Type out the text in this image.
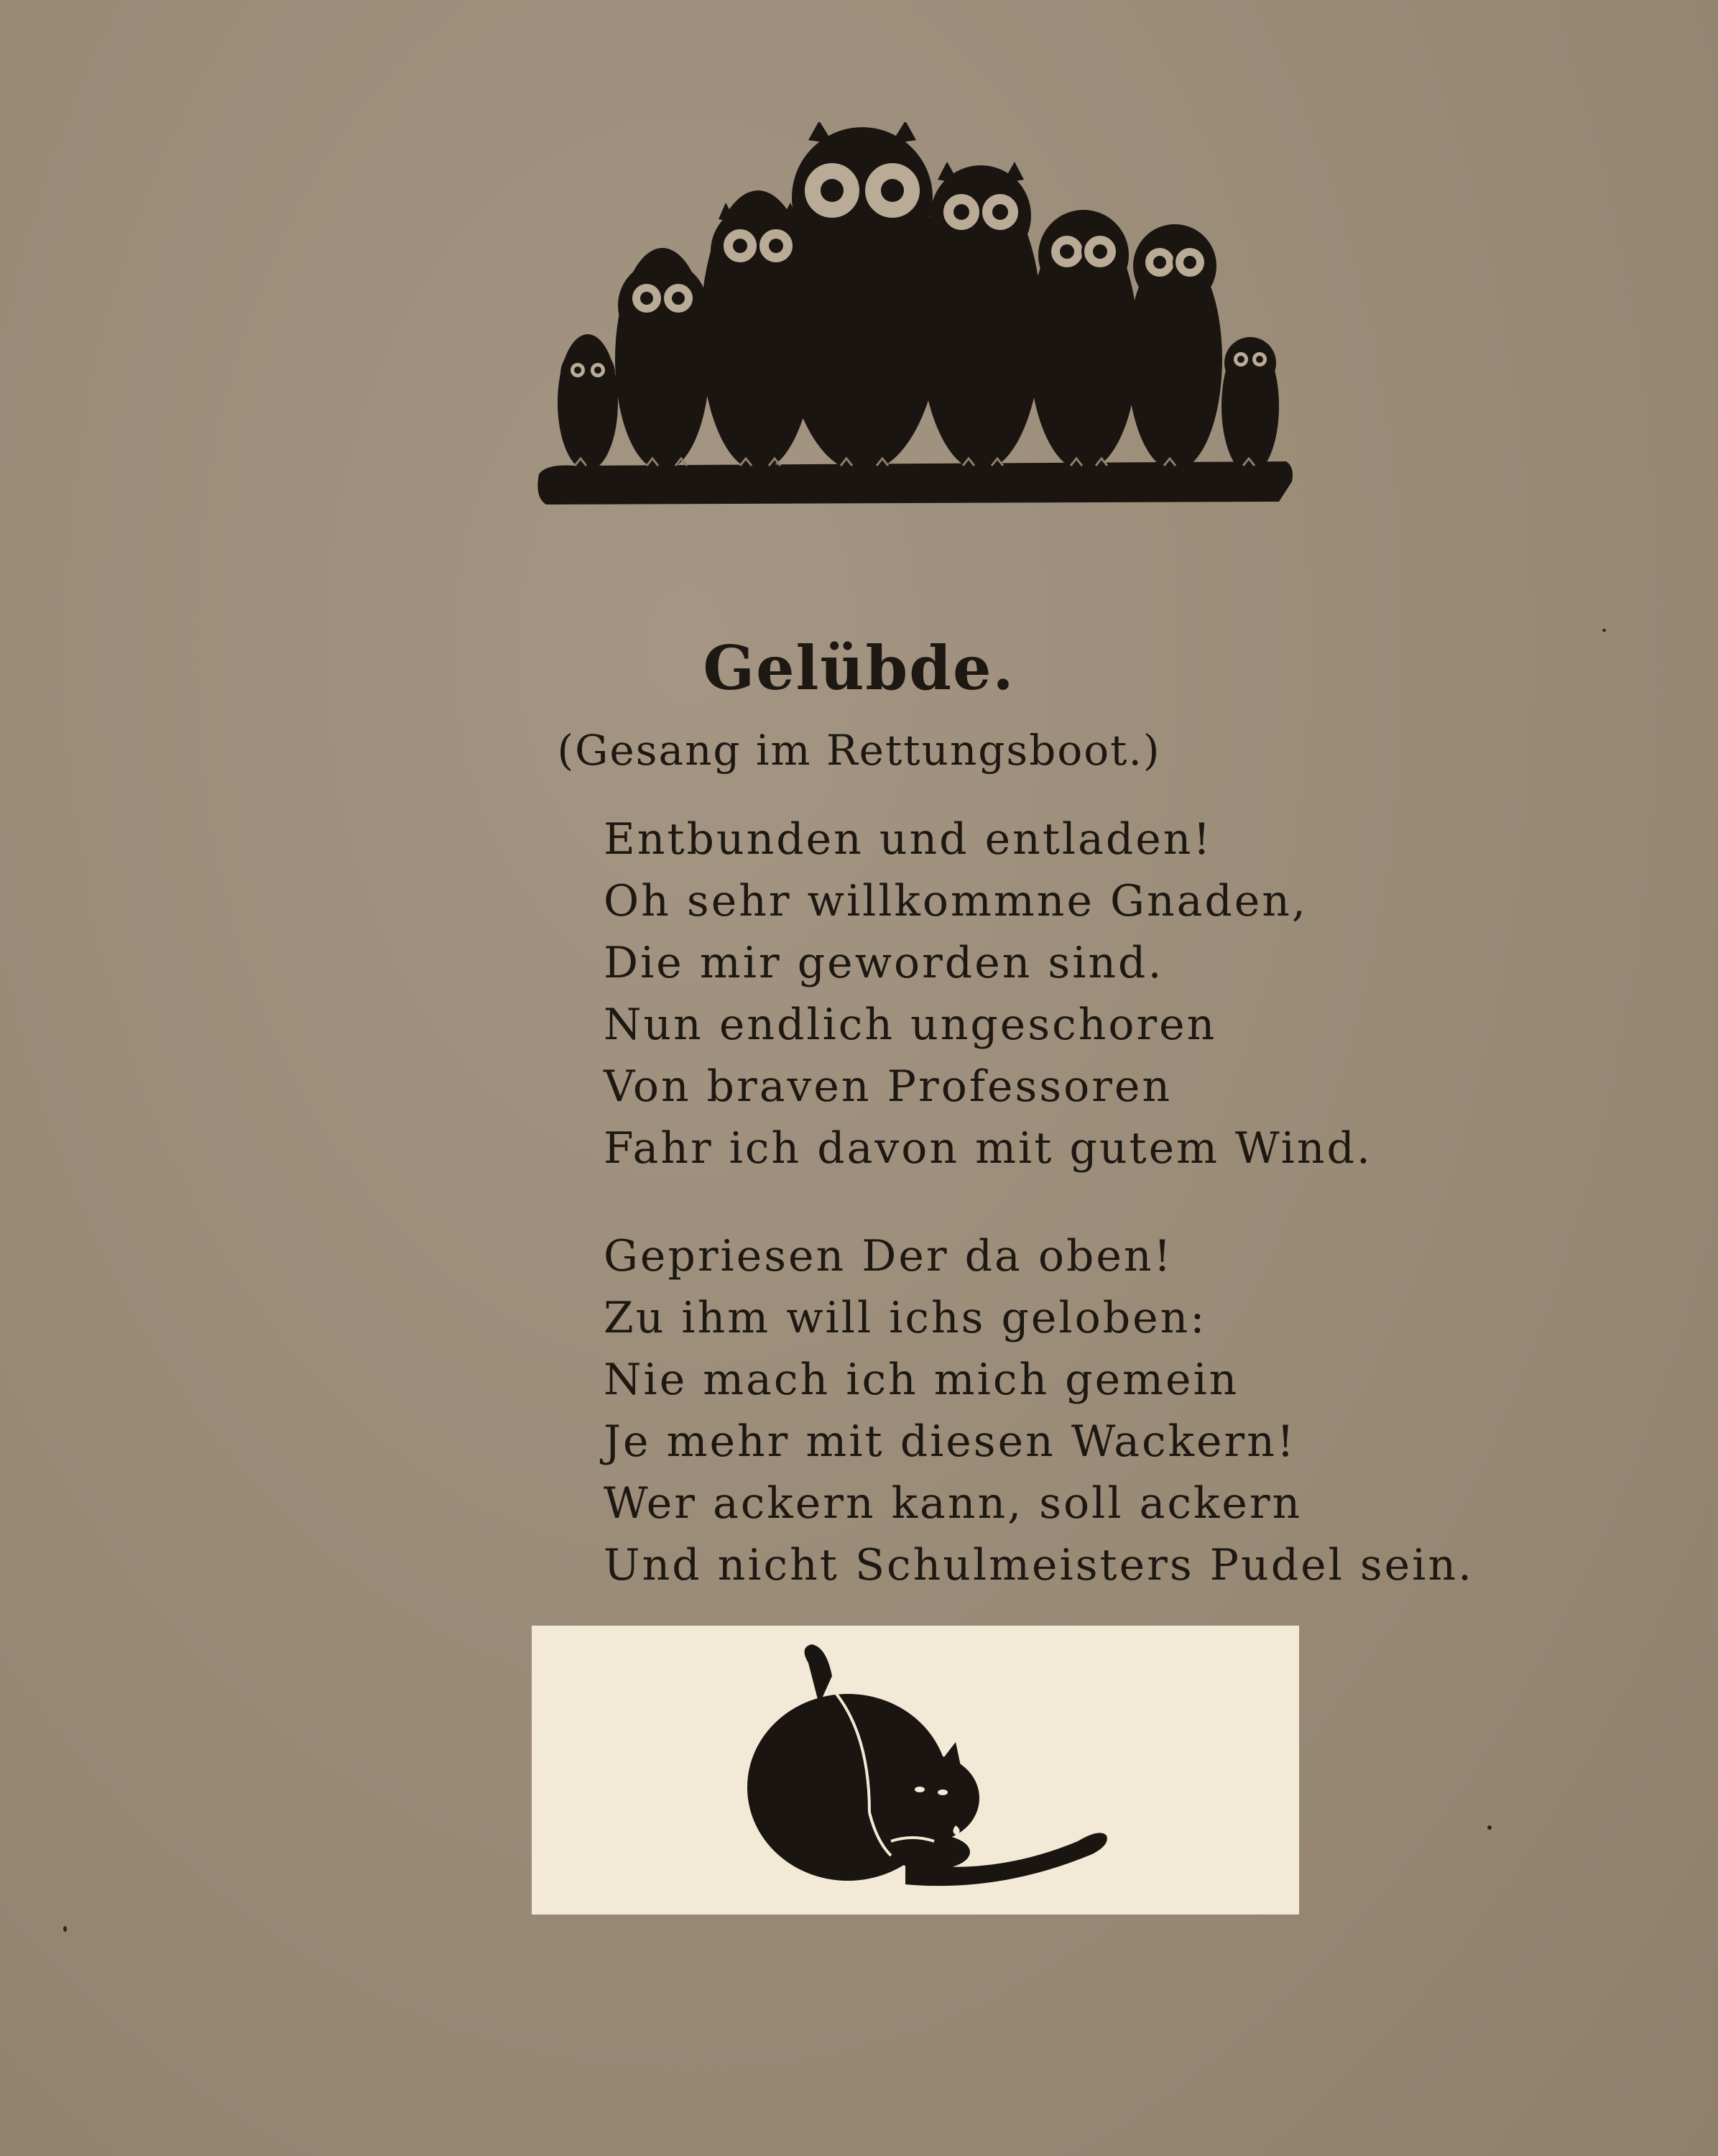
Gelübde.
(Gesang im Rettungsboot.)
Entbunden und entladen!
Oh sehr willkommne Gnaden,
Die mir geworden sind.
Nun endlich ungeschoren
Von braven Professoren
Fahr ich davon mit gutem Wind.
Gepriesen Der da oben!
Zu ihm will ichs geloben:
Nie mach ich mich gemein
Je mehr mit diesen Wackern!
Wer ackern kann, soll ackern
Und nicht Schulmeisters Pudel sein.
